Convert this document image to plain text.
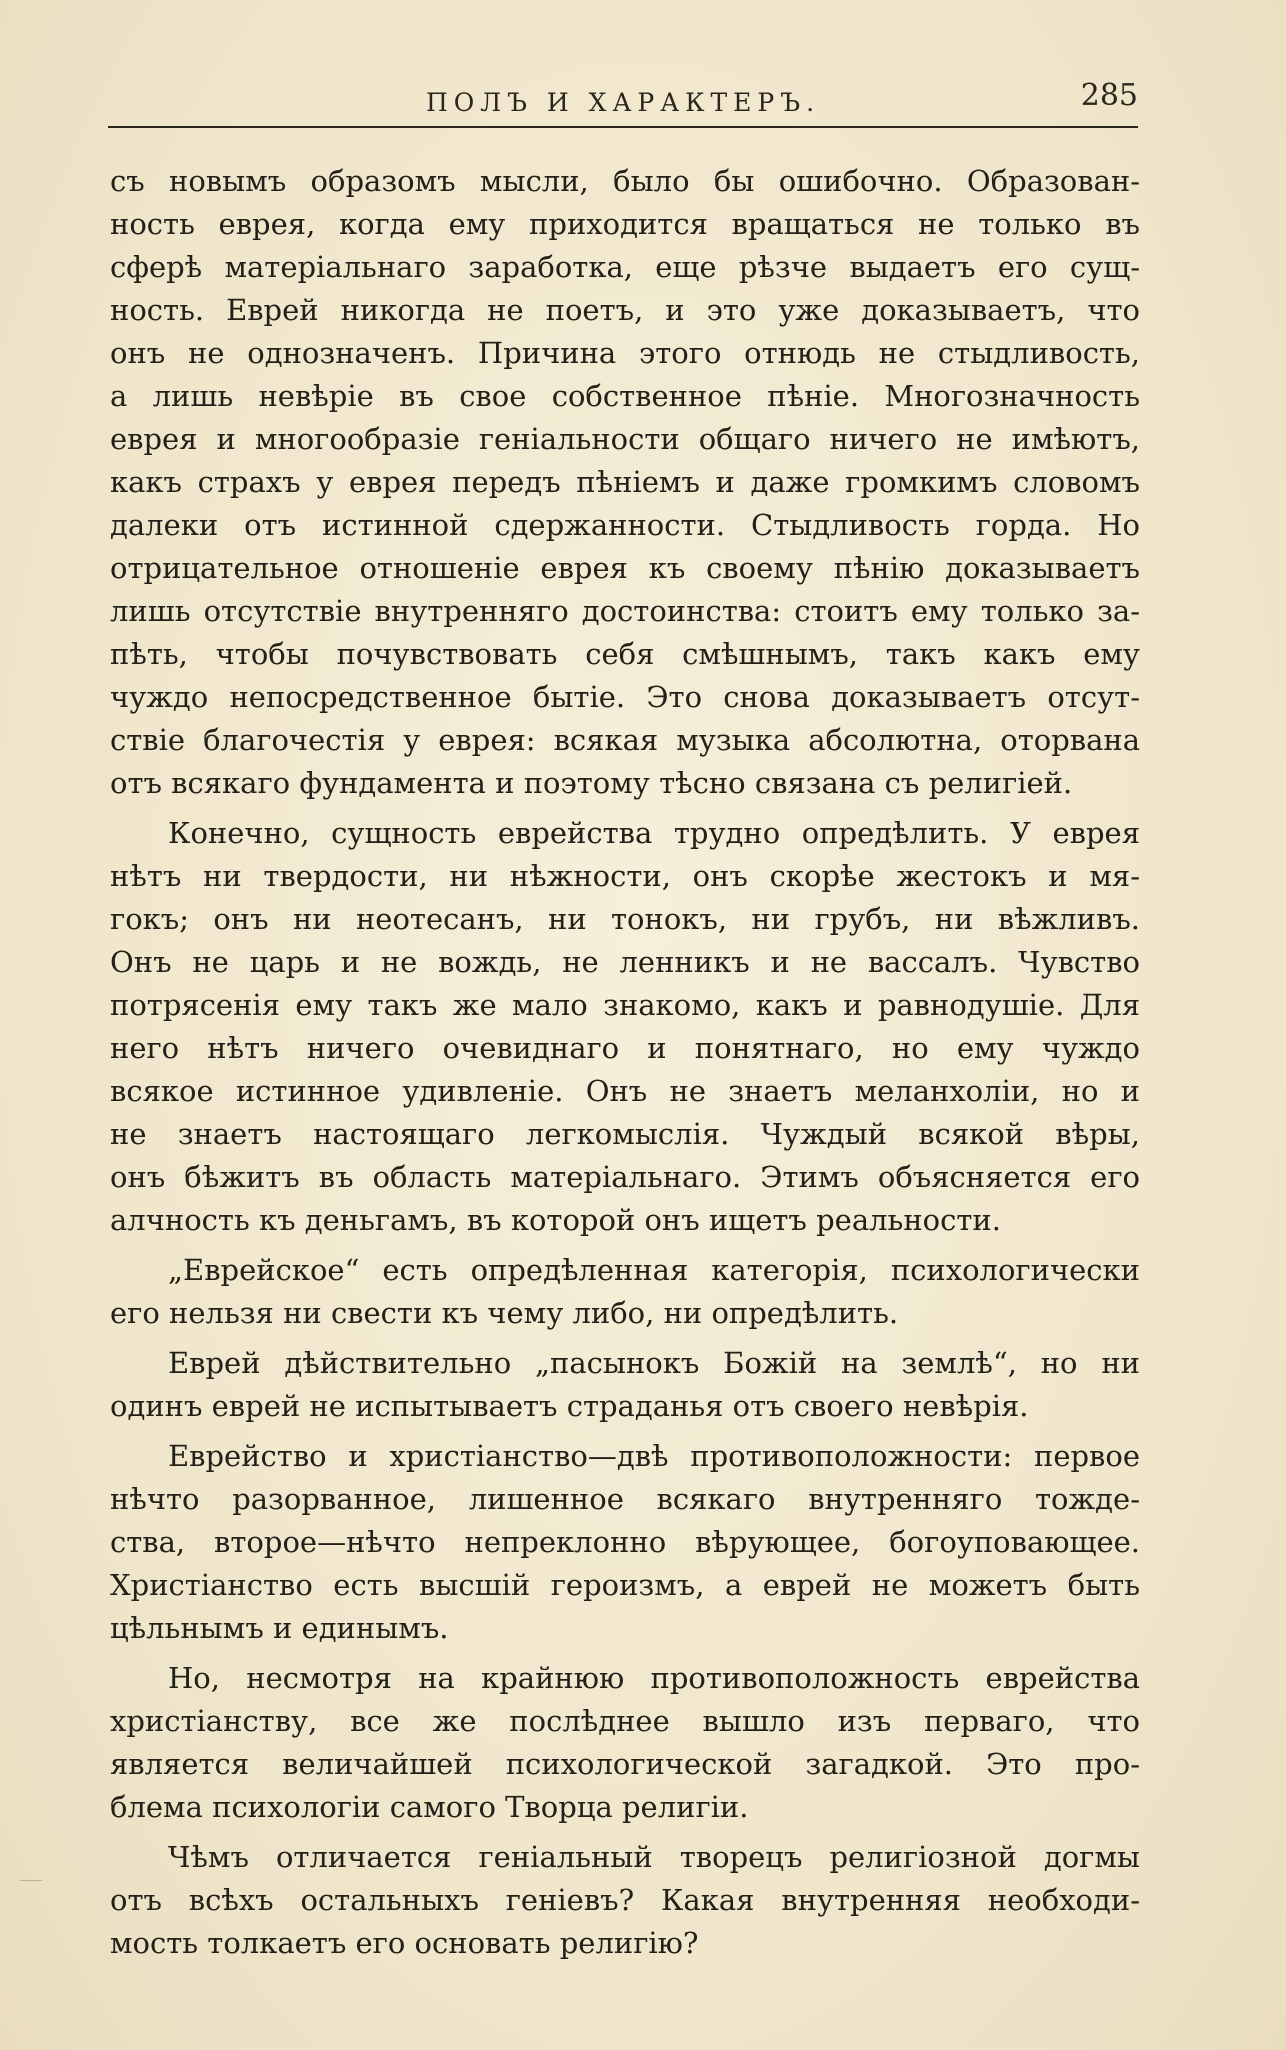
ПОЛЪ И ХАРАКТЕРЪ.	285
съ новымъ образомъ мысли, было бы ошибочно. Образован-
ность еврея, когда ему приходится вращаться не только въ
сферѣ матеріальнаго заработка, еще рѣзче выдаетъ его сущ-
ность. Еврей никогда не поетъ, и это уже доказываетъ, что
онъ не однозначенъ. Причина этого отнюдь не стыдливость,
а лишь невѣріе въ свое собственное пѣніе. Многозначность
еврея и многообразіе геніальности общаго ничего не имѣютъ,
какъ страхъ у еврея передъ пѣніемъ и даже громкимъ словомъ
далеки отъ истинной сдержанности. Стыдливость горда. Но
отрицательное отношеніе еврея къ своему пѣнію доказываетъ
лишь отсутствіе внутренняго достоинства: стоитъ ему только за-
пѣть, чтобы почувствовать себя смѣшнымъ, такъ какъ ему
чуждо непосредственное бытіе. Это снова доказываетъ отсут-
ствіе благочестія у еврея: всякая музыка абсолютна, оторвана
отъ всякаго фундамента и поэтому тѣсно связана съ религіей.
Конечно, сущность еврейства трудно опредѣлить. У еврея
нѣтъ ни твердости, ни нѣжности, онъ скорѣе жестокъ и мя-
гокъ; онъ ни неотесанъ, ни тонокъ, ни грубъ, ни вѣжливъ.
Онъ не царь и не вождь, не ленникъ и не вассалъ. Чувство
потрясенія ему такъ же мало знакомо, какъ и равнодушіе. Для
него нѣтъ ничего очевиднаго и понятнаго, но ему чуждо
всякое истинное удивленіе. Онъ не знаетъ меланхоліи, но и
не знаетъ настоящаго легкомыслія. Чуждый всякой вѣры,
онъ бѣжитъ въ область матеріальнаго. Этимъ объясняется его
алчность къ деньгамъ, въ которой онъ ищетъ реальности.
„Еврейское“ есть опредѣленная категорія, психологически
его нельзя ни свести къ чему либо, ни опредѣлить.
Еврей дѣйствительно „пасынокъ Божій на землѣ“, но ни
одинъ еврей не испытываетъ страданья отъ своего невѣрія.
Еврейство и христіанство—двѣ противоположности: первое
нѣчто разорванное, лишенное всякаго внутренняго тожде-
ства, второе—нѣчто непреклонно вѣрующее, богоуповающее.
Христіанство есть высшій героизмъ, а еврей не можетъ быть
цѣльнымъ и единымъ.
Но, несмотря на крайнюю противоположность еврейства
христіанству, все же послѣднее вышло изъ перваго, что
является величайшей психологической загадкой. Это про-
блема психологіи самого Творца религіи.
Чѣмъ отличается геніальный творецъ религіозной догмы
отъ всѣхъ остальныхъ геніевъ? Какая внутренняя необходи-
мость толкаетъ его основать религію?
